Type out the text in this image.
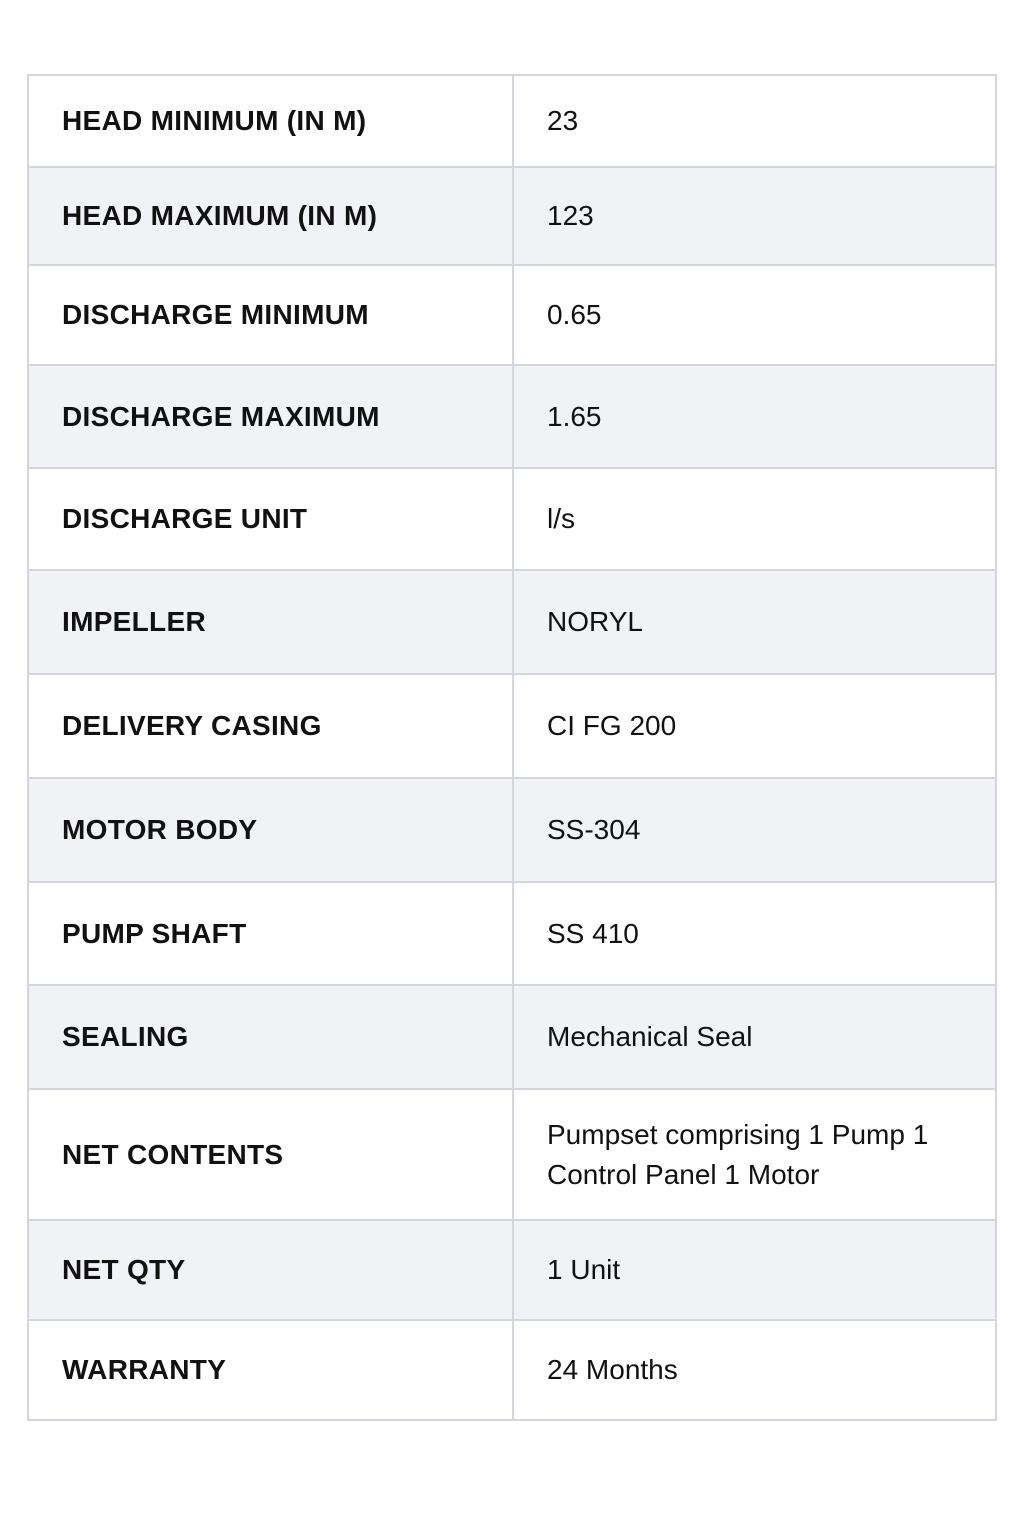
HEAD MINIMUM (IN M)	23
HEAD MAXIMUM (IN M)	123
DISCHARGE MINIMUM	0.65
DISCHARGE MAXIMUM	1.65
DISCHARGE UNIT	l/s
IMPELLER	NORYL
DELIVERY CASING	CI FG 200
MOTOR BODY	SS-304
PUMP SHAFT	SS 410
SEALING	Mechanical Seal
NET CONTENTS	Pumpset comprising 1 Pump 1 Control Panel 1 Motor
NET QTY	1 Unit
WARRANTY	24 Months
